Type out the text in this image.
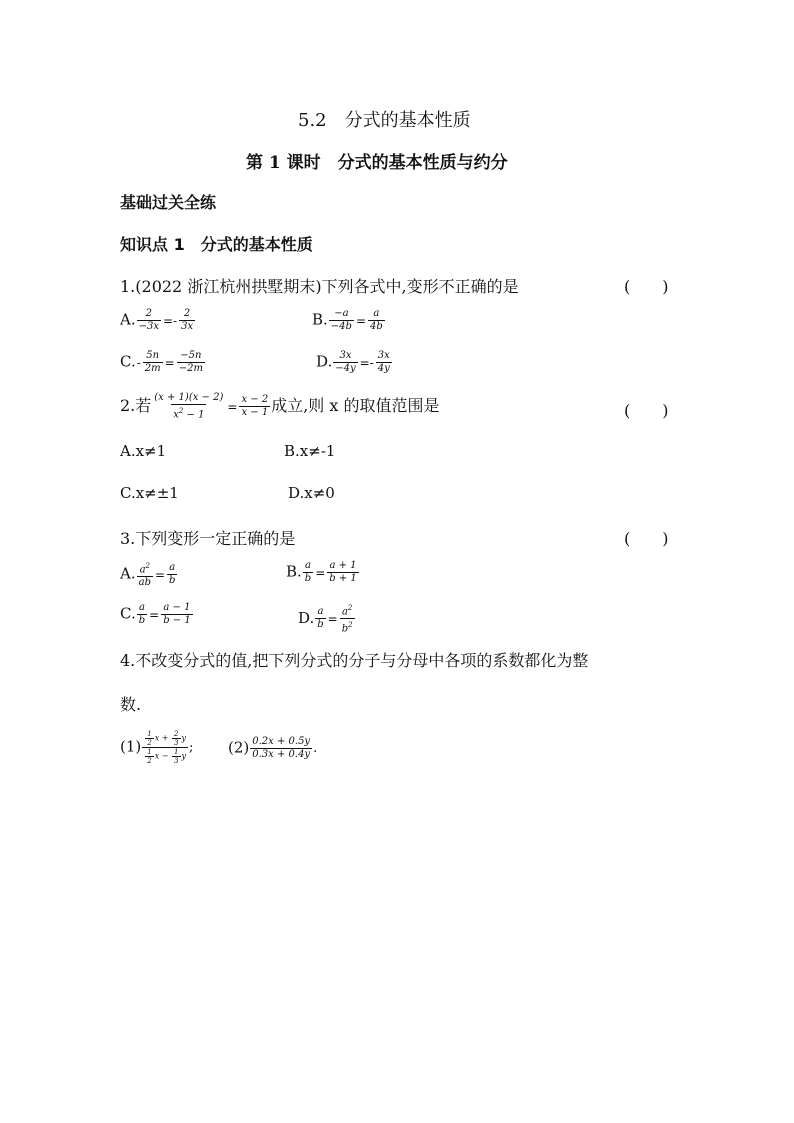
5.2　分式的基本性质
第 1 课时　分式的基本性质与约分
基础过关全练
知识点 1　分式的基本性质
1.(2022 浙江杭州拱墅期末)下列各式中,变形不正确的是	(　　)
A. $\frac{2}{-3x} =- \frac{2}{3x}$	B. $\frac{-a}{-4b} = \frac{a}{4b}$
$C.- \frac{5n}{2m} = \frac{-5n}{-2m}$	D. $\frac{3x}{-4y} =- \frac{3x}{4y}$
2.若 $\frac{(x + 1)(x - 2)}{x^2 - 1} = \frac{x - 2}{x - 1}$ 成立,则 x 的取值范围是	(　　)
A.x≠1	B.x≠-1
C.x≠±1	D.x≠0
3.下列变形一定正确的是	(　　)
A. $\frac{a^2}{ab} = \frac{a}{b}$	B. $\frac{a}{b} = \frac{a + 1}{b + 1}$
C. $\frac{a}{b} = \frac{a - 1}{b - 1}$	D. $\frac{a}{b} = \frac{a^2}{b^2}$
4.不改变分式的值,把下列分式的分子与分母中各项的系数都化为整
数.
$(1) \frac{\frac{1}{2} x + \frac{2}{3} y}{\frac{1}{2} x - \frac{1}{3} y}$ ; $(2) \frac{0.2x + 0.5y}{0.3x + 0.4y}$ .
